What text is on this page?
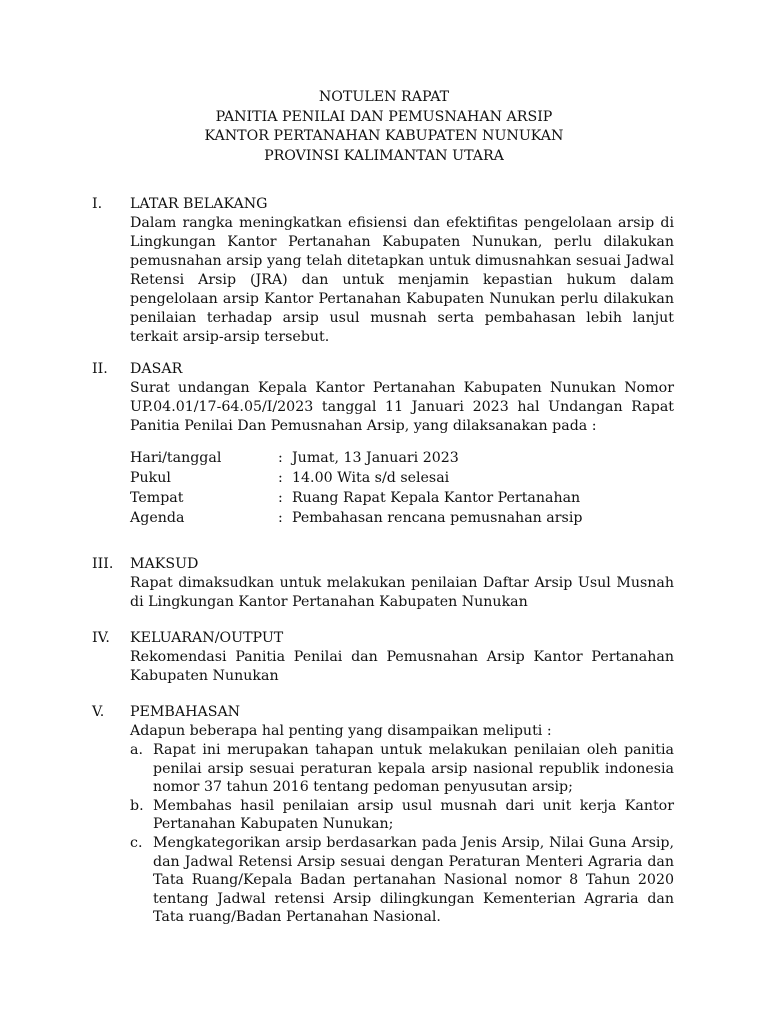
NOTULEN RAPAT
PANITIA PENILAI DAN PEMUSNAHAN ARSIP
KANTOR PERTANAHAN KABUPATEN NUNUKAN
PROVINSI KALIMANTAN UTARA
I. LATAR BELAKANG

Dalam rangka meningkatkan efisiensi dan efektifitas pengelolaan arsip di Lingkungan Kantor Pertanahan Kabupaten Nunukan, perlu dilakukan pemusnahan arsip yang telah ditetapkan untuk dimusnahkan sesuai Jadwal Retensi Arsip (JRA) dan untuk menjamin kepastian hukum dalam pengelolaan arsip Kantor Pertanahan Kabupaten Nunukan perlu dilakukan penilaian terhadap arsip usul musnah serta pembahasan lebih lanjut terkait arsip-arsip tersebut.

II. DASAR

Surat undangan Kepala Kantor Pertanahan Kabupaten Nunukan Nomor UP.04.01/17-64.05/I/2023 tanggal 11 Januari 2023 hal Undangan Rapat Panitia Penilai Dan Pemusnahan Arsip, yang dilaksanakan pada :

Hari/tanggal	: Jumat, 13 Januari 2023
Pukul	: 14.00 Wita s/d selesai
Tempat	: Ruang Rapat Kepala Kantor Pertanahan
Agenda	: Pembahasan rencana pemusnahan arsip
III. MAKSUD

Rapat dimaksudkan untuk melakukan penilaian Daftar Arsip Usul Musnah di Lingkungan Kantor Pertanahan Kabupaten Nunukan

IV. KELUARAN/OUTPUT

Rekomendasi Panitia Penilai dan Pemusnahan Arsip Kantor Pertanahan Kabupaten Nunukan

V. PEMBAHASAN

Adapun beberapa hal penting yang disampaikan meliputi :

a. Rapat ini merupakan tahapan untuk melakukan penilaian oleh panitia penilai arsip sesuai peraturan kepala arsip nasional republik indonesia nomor 37 tahun 2016 tentang pedoman penyusutan arsip;

b. Membahas hasil penilaian arsip usul musnah dari unit kerja Kantor Pertanahan Kabupaten Nunukan;

c. Mengkategorikan arsip berdasarkan pada Jenis Arsip, Nilai Guna Arsip, dan Jadwal Retensi Arsip sesuai dengan Peraturan Menteri Agraria dan Tata Ruang/Kepala Badan pertanahan Nasional nomor 8 Tahun 2020 tentang Jadwal retensi Arsip dilingkungan Kementerian Agraria dan Tata ruang/Badan Pertanahan Nasional.
